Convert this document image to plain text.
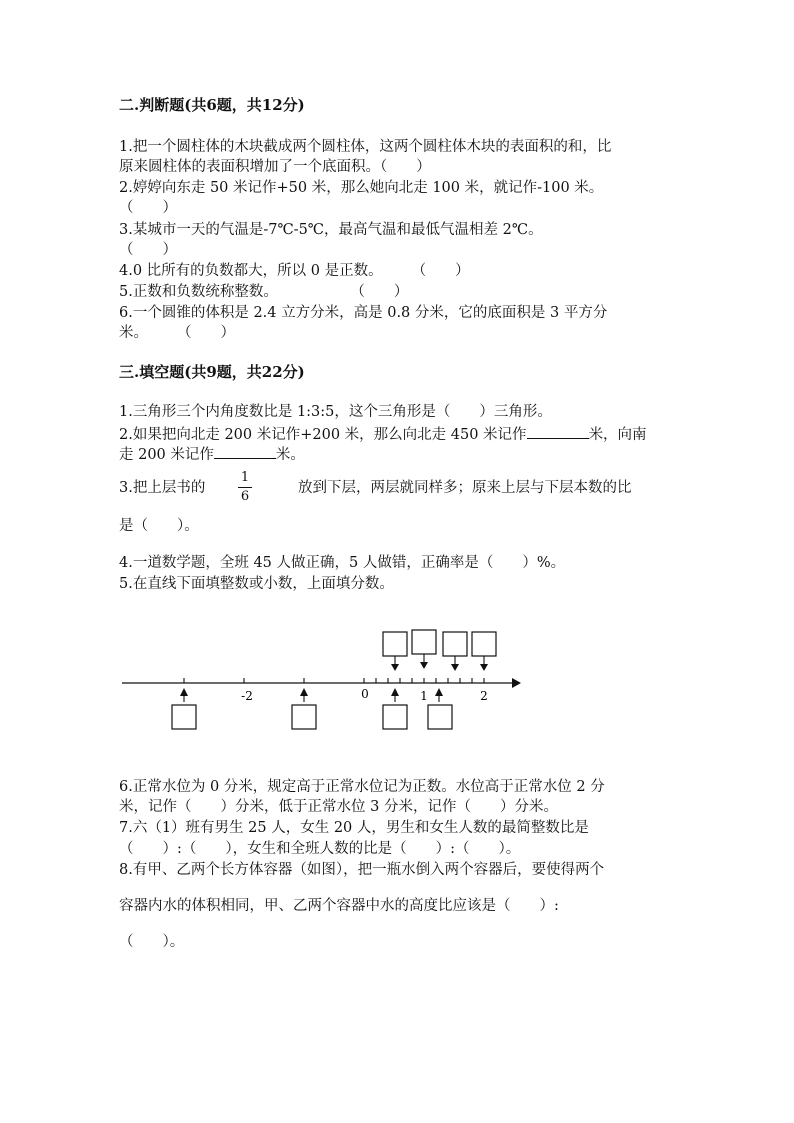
二.判断题(共6题，共12分)
1.把一个圆柱体的木块截成两个圆柱体，这两个圆柱体木块的表面积的和，比
原来圆柱体的表面积增加了一个底面积。（　　）
2.婷婷向东走 50 米记作+50 米，那么她向北走 100 米，就记作-100 米。
（　　）
3.某城市一天的气温是-7℃-5℃，最高气温和最低气温相差 2℃。
（　　）
4.0 比所有的负数都大，所以 0 是正数。　　　（　　）
5.正数和负数统称整数。　　　　　　（　　）
6.一个圆锥的体积是 2.4 立方分米，高是 0.8 分米，它的底面积是 3 平方分
米。　　　（　　）
三.填空题(共9题，共22分)
1.三角形三个内角度数比是 1:3:5，这个三角形是（　　）三角形。
2.如果把向北走 200 米记作+200 米，那么向北走 450 米记作	米，向南
走 200 米记作	米。
3.把上层书的
1
6
放到下层，两层就同样多；原来上层与下层本数的比
是（　　）。
4.一道数学题，全班 45 人做正确，5 人做错，正确率是（　　）%。
5.在直线下面填整数或小数，上面填分数。
-2	0	1	2
6.正常水位为 0 分米，规定高于正常水位记为正数。水位高于正常水位 2 分
米，记作（　　）分米，低于正常水位 3 分米，记作（　　）分米。
7.六（1）班有男生 25 人，女生 20 人，男生和女生人数的最简整数比是
（　　）:（　　），女生和全班人数的比是（　　）:（　　）。
8.有甲、乙两个长方体容器（如图），把一瓶水倒入两个容器后，要使得两个
容器内水的体积相同，甲、乙两个容器中水的高度比应该是（　　）:
（　　）。
